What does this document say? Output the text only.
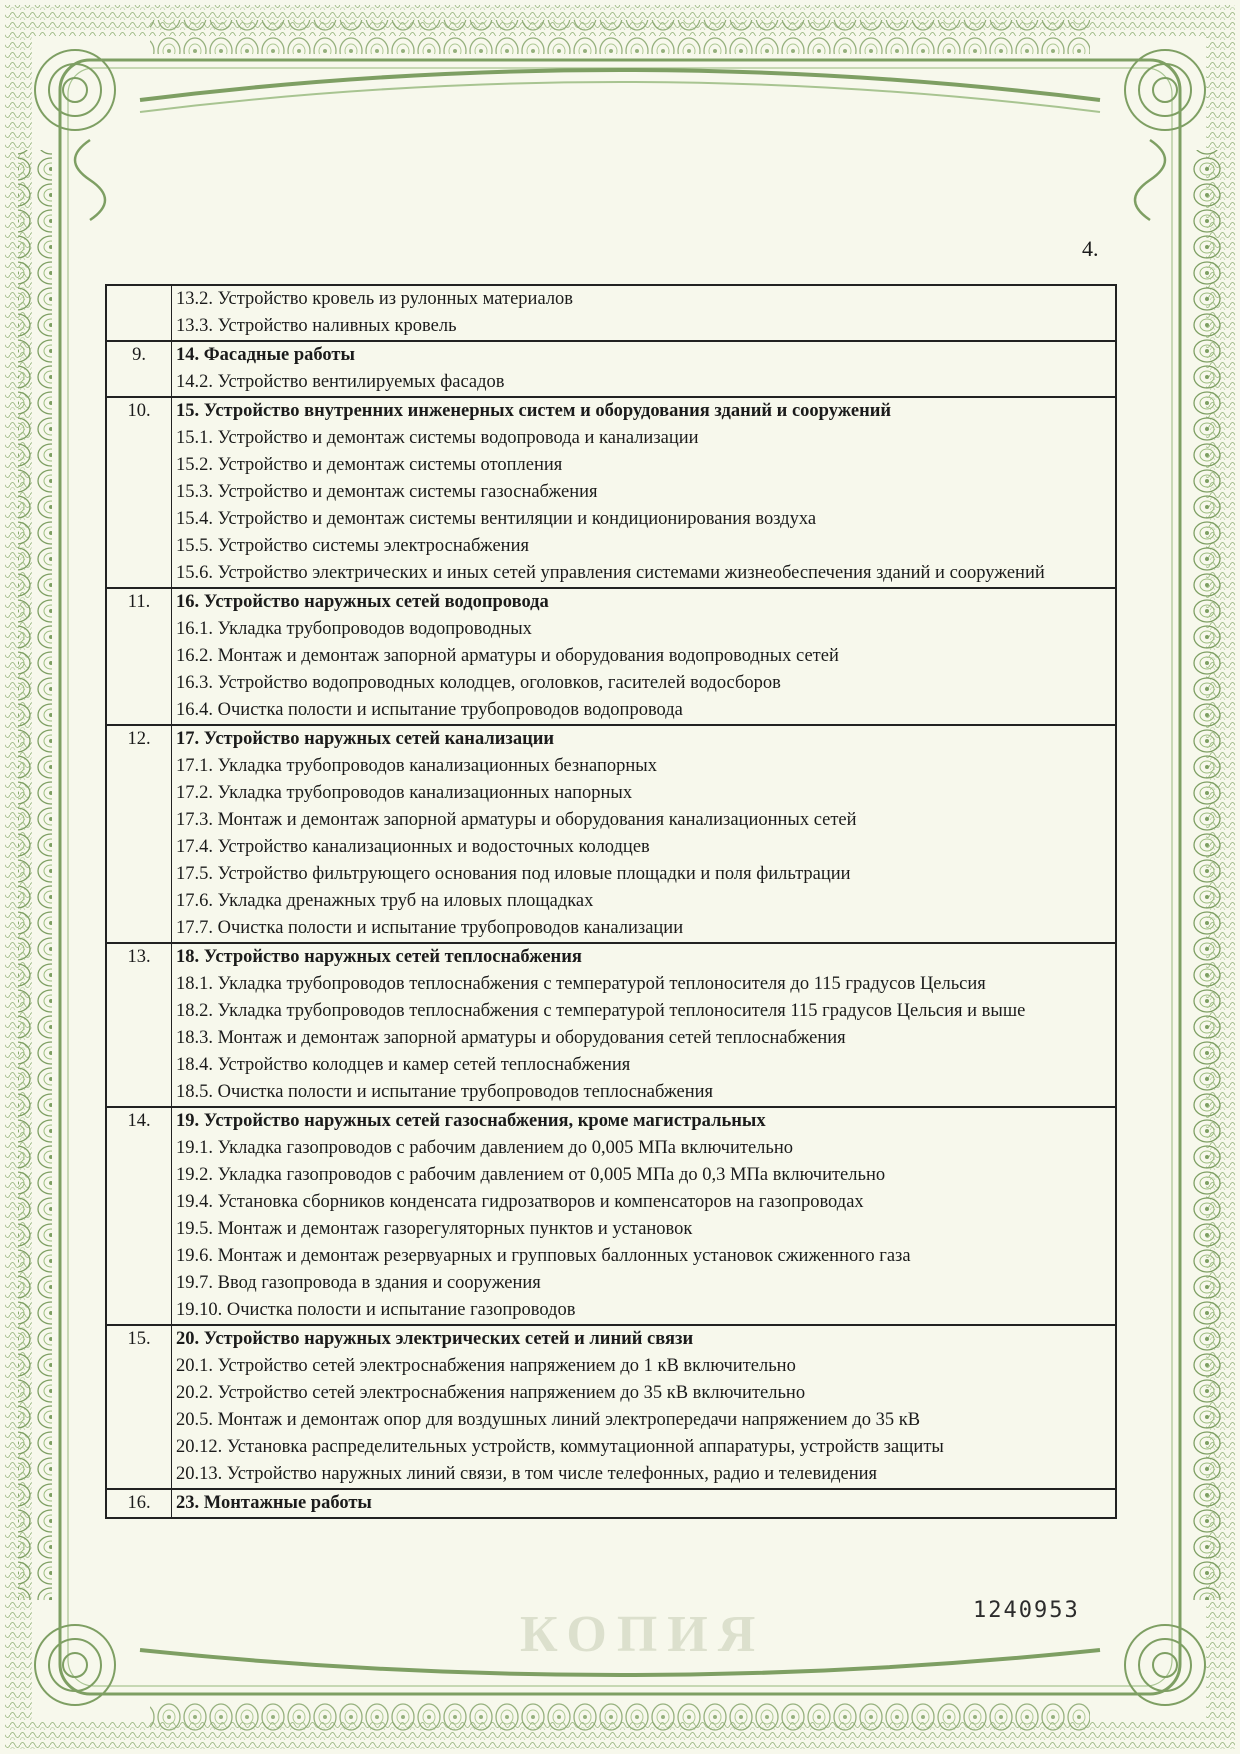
4.
КОПИЯ
	13.2. Устройство кровель из рулонных материалов
	13.3. Устройство наливных кровель
9.	14. Фасадные работы
	14.2. Устройство вентилируемых фасадов
10.	15. Устройство внутренних инженерных систем и оборудования зданий и сооружений
	15.1. Устройство и демонтаж системы водопровода и канализации
	15.2. Устройство и демонтаж системы отопления
	15.3. Устройство и демонтаж системы газоснабжения
	15.4. Устройство и демонтаж системы вентиляции и кондиционирования воздуха
	15.5. Устройство системы электроснабжения
	15.6. Устройство электрических и иных сетей управления системами жизнеобеспечения зданий и сооружений
11.	16. Устройство наружных сетей водопровода
	16.1. Укладка трубопроводов водопроводных
	16.2. Монтаж и демонтаж запорной арматуры и оборудования водопроводных сетей
	16.3. Устройство водопроводных колодцев, оголовков, гасителей водосборов
	16.4. Очистка полости и испытание трубопроводов водопровода
12.	17. Устройство наружных сетей канализации
	17.1. Укладка трубопроводов канализационных безнапорных
	17.2. Укладка трубопроводов канализационных напорных
	17.3. Монтаж и демонтаж запорной арматуры и оборудования канализационных сетей
	17.4. Устройство канализационных и водосточных колодцев
	17.5. Устройство фильтрующего основания под иловые площадки и поля фильтрации
	17.6. Укладка дренажных труб на иловых площадках
	17.7. Очистка полости и испытание трубопроводов канализации
13.	18. Устройство наружных сетей теплоснабжения
	18.1. Укладка трубопроводов теплоснабжения с температурой теплоносителя до 115 градусов Цельсия
	18.2. Укладка трубопроводов теплоснабжения с температурой теплоносителя 115 градусов Цельсия и выше
	18.3. Монтаж и демонтаж запорной арматуры и оборудования сетей теплоснабжения
	18.4. Устройство колодцев и камер сетей теплоснабжения
	18.5. Очистка полости и испытание трубопроводов теплоснабжения
14.	19. Устройство наружных сетей газоснабжения, кроме магистральных
	19.1. Укладка газопроводов с рабочим давлением до 0,005 МПа включительно
	19.2. Укладка газопроводов с рабочим давлением от 0,005 МПа до 0,3 МПа включительно
	19.4. Установка сборников конденсата гидрозатворов и компенсаторов на газопроводах
	19.5. Монтаж и демонтаж газорегуляторных пунктов и установок
	19.6. Монтаж и демонтаж резервуарных и групповых баллонных установок сжиженного газа
	19.7. Ввод газопровода в здания и сооружения
	19.10. Очистка полости и испытание газопроводов
15.	20. Устройство наружных электрических сетей и линий связи
	20.1. Устройство сетей электроснабжения напряжением до 1 кВ включительно
	20.2. Устройство сетей электроснабжения напряжением до 35 кВ включительно
	20.5. Монтаж и демонтаж опор для воздушных линий электропередачи напряжением до 35 кВ
	20.12. Установка распределительных устройств, коммутационной аппаратуры, устройств защиты
	20.13. Устройство наружных линий связи, в том числе телефонных, радио и телевидения
16.	23. Монтажные работы
1240953
